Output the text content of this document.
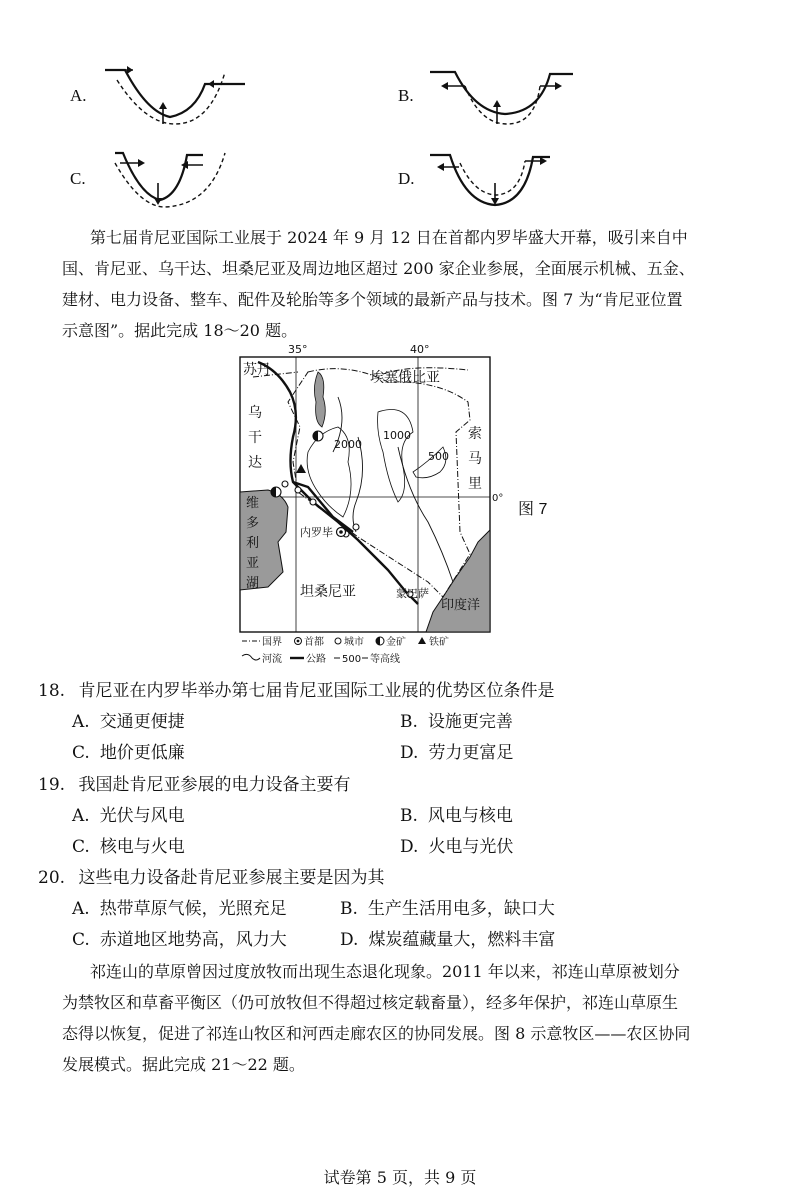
A.	B.
C.	D.
第七届肯尼亚国际工业展于 2024 年 9 月 12 日在首都内罗毕盛大开幕，吸引来自中
国、肯尼亚、乌干达、坦桑尼亚及周边地区超过 200 家企业参展，全面展示机械、五金、
建材、电力设备、整车、配件及轮胎等多个领域的最新产品与技术。图 7 为“肯尼亚位置
示意图”。据此完成 18～20 题。
35°	40°
0°
苏丹	埃塞俄比亚
乌
干
达
索
马
里
维
多
利
亚
湖
坦桑尼亚
印度洋
内罗毕
蒙巴萨
2000
1000
500
国界 首都 城市 金矿 铁矿
河流 公路 500 等高线
图 7
18. 肯尼亚在内罗毕举办第七届肯尼亚国际工业展的优势区位条件是
A. 交通更便捷	B. 设施更完善
C. 地价更低廉	D. 劳力更富足
19. 我国赴肯尼亚参展的电力设备主要有
A. 光伏与风电	B. 风电与核电
C. 核电与火电	D. 火电与光伏
20. 这些电力设备赴肯尼亚参展主要是因为其
A. 热带草原气候，光照充足	B. 生产生活用电多，缺口大
C. 赤道地区地势高，风力大	D. 煤炭蕴藏量大，燃料丰富
祁连山的草原曾因过度放牧而出现生态退化现象。2011 年以来，祁连山草原被划分
为禁牧区和草畜平衡区（仍可放牧但不得超过核定载畜量），经多年保护，祁连山草原生
态得以恢复，促进了祁连山牧区和河西走廊农区的协同发展。图 8 示意牧区——农区协同
发展模式。据此完成 21～22 题。
试卷第 5 页，共 9 页
